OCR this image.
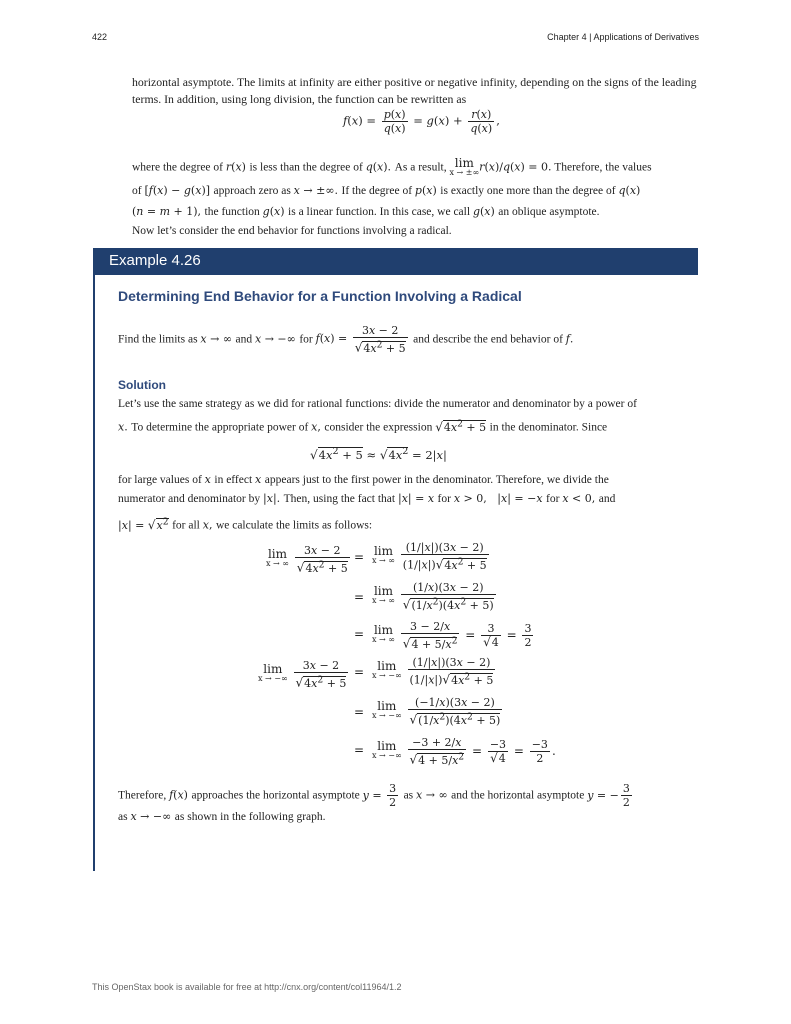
422	Chapter 4 | Applications of Derivatives
horizontal asymptote. The limits at infinity are either positive or negative infinity, depending on the signs of the leading terms. In addition, using long division, the function can be rewritten as
$f(x) = \frac{p(x)}{q(x)} = g(x) + \frac{r(x)}{q(x)}$ ,
where the degree of r(x) is less than the degree of q(x). As a result, lim
x → ±∞ r(x)/q(x) = 0. Therefore, the values
of [f(x) − g(x)] approach zero as x → ±∞. If the degree of p(x) is exactly one more than the degree of q(x)
(n = m + 1), the function g(x) is a linear function. In this case, we call g(x) an oblique asymptote.
Now let’s consider the end behavior for functions involving a radical.
Example 4.26
Determining End Behavior for a Function Involving a Radical
Find the limits as x → ∞ and x → −∞ for $f(x) = \frac{3x - 2}{√4x^2 + 5}$ and describe the end behavior of f.
Solution
Let’s use the same strategy as we did for rational functions: divide the numerator and denominator by a power of
x. To determine the appropriate power of x, consider the expression $√4x^2 + 5$ in the denominator. Since
$√4x^2 + 5 \approx √4x^2 = 2|x|$
for large values of x in effect x appears just to the first power in the denominator. Therefore, we divide the
numerator and denominator by |x|. Then, using the fact that |x| = x for x > 0,   |x| = −x for x < 0, and
$|x| = √x^2$ for all x, we calculate the limits as follows:
lim
x → ∞
$\frac{3x - 2}{√4x^2 + 5} = \lim$
x → ∞
$\frac{(1/|x|)(3x - 2)}{(1/|x|)√4x^2 + 5}$
= lim
x → ∞
$\frac{(1/x)(3x - 2)}{√(1/x^2)(4x^2 + 5)}$
= lim
x → ∞
$\frac{3 - 2/x}{√4 + 5/x^2} = \frac{3}{√4} = \frac{3}{2}$
lim
x → −∞
$\frac{3x - 2}{√4x^2 + 5}$ =	lim
x → −∞
$\frac{(1/|x|)(3x - 2)}{(1/|x|)√4x^2 + 5}$
=	lim
x → −∞
$\frac{(-1/x)(3x - 2)}{√(1/x^2)(4x^2 + 5)}$
=	lim
x → −∞
$\frac{-3 + 2/x}{√4 + 5/x^2} = \frac{-3}{√4} = \frac{-3}{2}$ .
Therefore, f(x) approaches the horizontal asymptote $y = \frac{3}{2}$ as x → ∞ and the horizontal asymptote y = − $\frac{3}{2}$
as x → −∞ as shown in the following graph.
This OpenStax book is available for free at http://cnx.org/content/col11964/1.2
